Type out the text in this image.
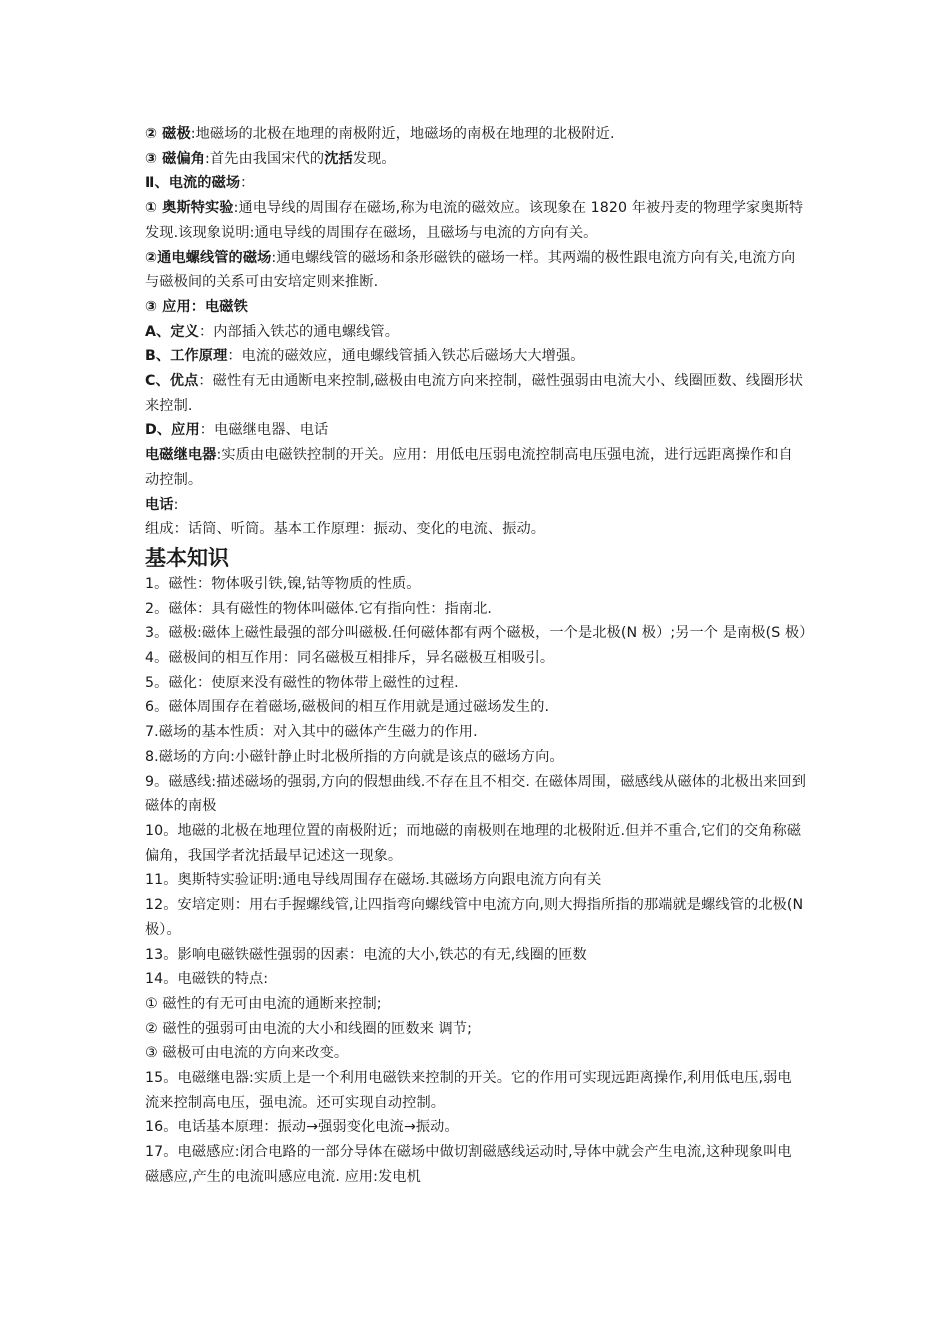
② 磁极:地磁场的北极在地理的南极附近，地磁场的南极在地理的北极附近.

③ 磁偏角:首先由我国宋代的沈括发现。

Ⅱ、电流的磁场：

① 奥斯特实验:通电导线的周围存在磁场,称为电流的磁效应。该现象在 1820 年被丹麦的物理学家奥斯特发现.该现象说明:通电导线的周围存在磁场，且磁场与电流的方向有关。

②通电螺线管的磁场:通电螺线管的磁场和条形磁铁的磁场一样。其两端的极性跟电流方向有关,电流方向与磁极间的关系可由安培定则来推断.

③ 应用：电磁铁

A、定义：内部插入铁芯的通电螺线管。

B、工作原理：电流的磁效应，通电螺线管插入铁芯后磁场大大增强。

C、优点：磁性有无由通断电来控制,磁极由电流方向来控制，磁性强弱由电流大小、线圈匝数、线圈形状来控制.

D、应用：电磁继电器、电话

电磁继电器:实质由电磁铁控制的开关。应用：用低电压弱电流控制高电压强电流，进行远距离操作和自动控制。

电话:

组成：话筒、听筒。基本工作原理：振动、变化的电流、振动。

基本知识

1。磁性：物体吸引铁,镍,钴等物质的性质。

2。磁体：具有磁性的物体叫磁体.它有指向性：指南北.

3。磁极:磁体上磁性最强的部分叫磁极.任何磁体都有两个磁极，一个是北极(N 极）;另一个 是南极(S 极）

4。磁极间的相互作用：同名磁极互相排斥，异名磁极互相吸引。

5。磁化：使原来没有磁性的物体带上磁性的过程.

6。磁体周围存在着磁场,磁极间的相互作用就是通过磁场发生的.

7.磁场的基本性质：对入其中的磁体产生磁力的作用.

8.磁场的方向:小磁针静止时北极所指的方向就是该点的磁场方向。

9。磁感线:描述磁场的强弱,方向的假想曲线.不存在且不相交. 在磁体周围，磁感线从磁体的北极出来回到磁体的南极

10。地磁的北极在地理位置的南极附近；而地磁的南极则在地理的北极附近.但并不重合,它们的交角称磁 偏角，我国学者沈括最早记述这一现象。

11。奥斯特实验证明:通电导线周围存在磁场.其磁场方向跟电流方向有关

12。安培定则：用右手握螺线管,让四指弯向螺线管中电流方向,则大拇指所指的那端就是螺线管的北极(N 极）。

13。影响电磁铁磁性强弱的因素：电流的大小,铁芯的有无,线圈的匝数

14。电磁铁的特点:

① 磁性的有无可由电流的通断来控制;

② 磁性的强弱可由电流的大小和线圈的匝数来 调节;

③ 磁极可由电流的方向来改变。

15。电磁继电器:实质上是一个利用电磁铁来控制的开关。它的作用可实现远距离操作,利用低电压,弱电 流来控制高电压，强电流。还可实现自动控制。

16。电话基本原理：振动→强弱变化电流→振动。

17。电磁感应:闭合电路的一部分导体在磁场中做切割磁感线运动时,导体中就会产生电流,这种现象叫电 磁感应,产生的电流叫感应电流. 应用:发电机
